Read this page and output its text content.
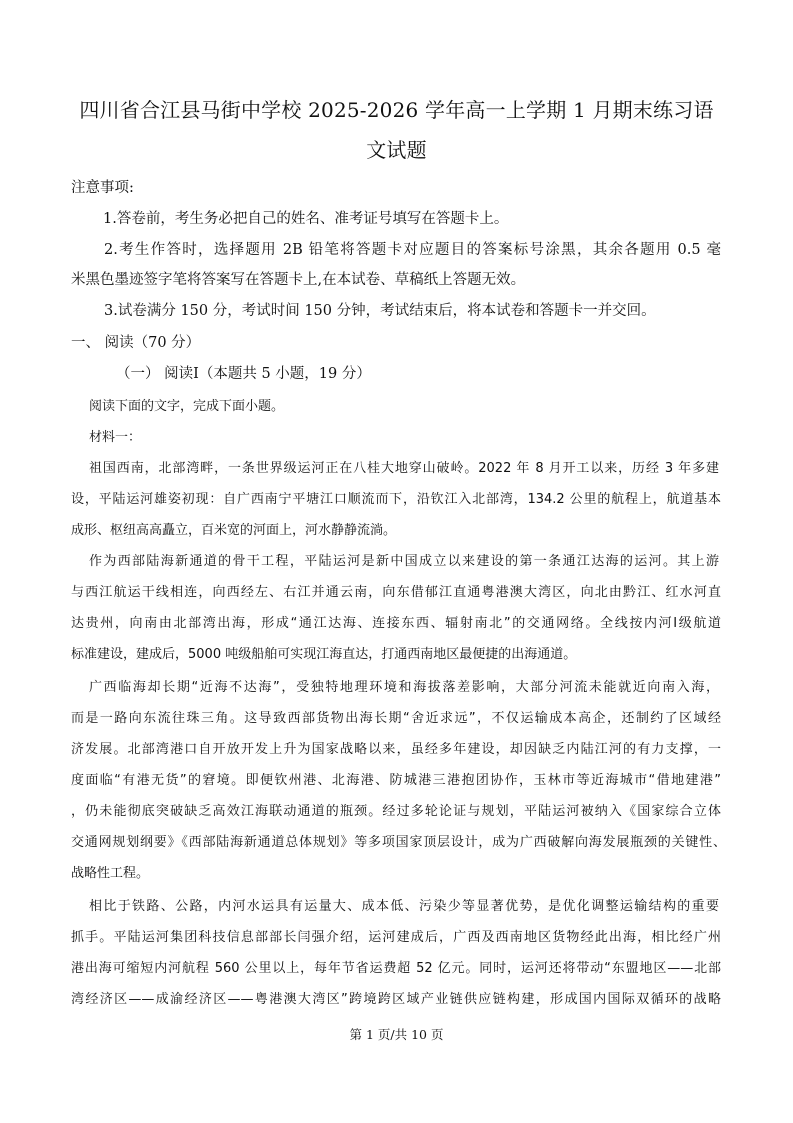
四川省合江县马街中学校 2025-2026 学年高一上学期 1 月期末练习语
文试题
注意事项:
1.答卷前，考生务必把自己的姓名、准考证号填写在答题卡上。
2.考生作答时，选择题用 2B 铅笔将答题卡对应题目的答案标号涂黑，其余各题用 0.5 毫
米黑色墨迹签字笔将答案写在答题卡上,在本试卷、草稿纸上答题无效。
3.试卷满分 150 分，考试时间 150 分钟，考试结束后，将本试卷和答题卡一并交回。
一、 阅读（70 分）
（一） 阅读Ⅰ（本题共 5 小题，19 分）
阅读下面的文字，完成下面小题。
材料一：
祖国西南，北部湾畔，一条世界级运河正在八桂大地穿山破岭。2022 年 8 月开工以来，历经 3 年多建
设，平陆运河雄姿初现：自广西南宁平塘江口顺流而下，沿钦江入北部湾，134.2 公里的航程上，航道基本
成形、枢纽高高矗立，百米宽的河面上，河水静静流淌。
作为西部陆海新通道的骨干工程，平陆运河是新中国成立以来建设的第一条通江达海的运河。其上游
与西江航运干线相连，向西经左、右江并通云南，向东借郁江直通粤港澳大湾区，向北由黔江、红水河直
达贵州，向南由北部湾出海，形成“通江达海、连接东西、辐射南北”的交通网络。全线按内河Ⅰ级航道
标准建设，建成后，5000 吨级船舶可实现江海直达，打通西南地区最便捷的出海通道。
广西临海却长期“近海不达海”，受独特地理环境和海拔落差影响，大部分河流未能就近向南入海，
而是一路向东流往珠三角。这导致西部货物出海长期“舍近求远”，不仅运输成本高企，还制约了区域经
济发展。北部湾港口自开放开发上升为国家战略以来，虽经多年建设，却因缺乏内陆江河的有力支撑，一
度面临“有港无货”的窘境。即便钦州港、北海港、防城港三港抱团协作，玉林市等近海城市“借地建港”
，仍未能彻底突破缺乏高效江海联动通道的瓶颈。经过多轮论证与规划，平陆运河被纳入《国家综合立体
交通网规划纲要》《西部陆海新通道总体规划》等多项国家顶层设计，成为广西破解向海发展瓶颈的关键性、
战略性工程。
相比于铁路、公路，内河水运具有运量大、成本低、污染少等显著优势，是优化调整运输结构的重要
抓手。平陆运河集团科技信息部部长闫强介绍，运河建成后，广西及西南地区货物经此出海，相比经广州
港出海可缩短内河航程 560 公里以上，每年节省运费超 52 亿元。同时，运河还将带动“东盟地区——北部
湾经济区——成渝经济区——粤港澳大湾区”跨境跨区域产业链供应链构建，形成国内国际双循环的战略
第 1 页/共 10 页
